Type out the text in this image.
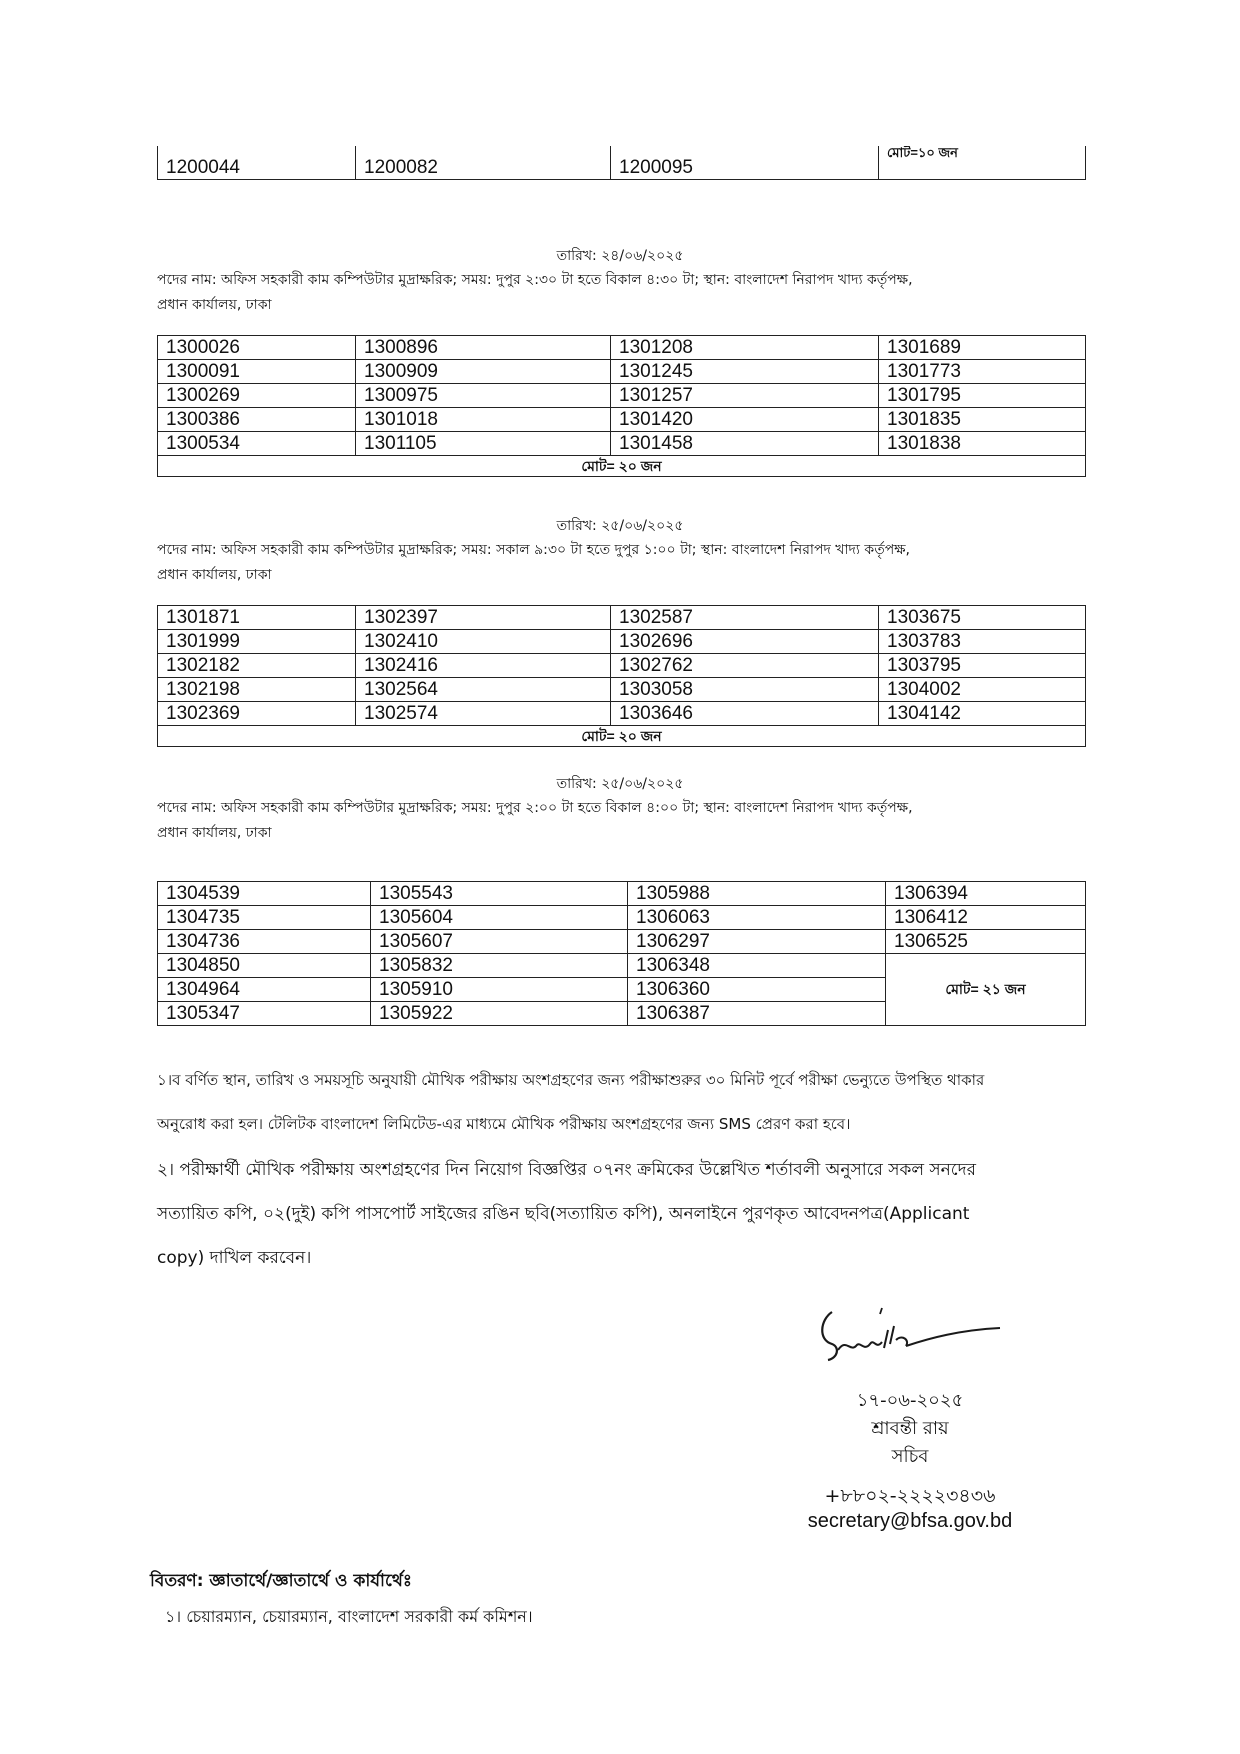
1200044	1200082	1200095	মোট=১০ জন
তারিখ: ২৪/০৬/২০২৫
পদের নাম: অফিস সহকারী কাম কম্পিউটার মুদ্রাক্ষরিক; সময়: দুপুর ২:৩০ টা হতে বিকাল ৪:৩০ টা; স্থান: বাংলাদেশ নিরাপদ খাদ্য কর্তৃপক্ষ,
প্রধান কার্যালয়, ঢাকা
1300026	1300896	1301208	1301689
1300091	1300909	1301245	1301773
1300269	1300975	1301257	1301795
1300386	1301018	1301420	1301835
1300534	1301105	1301458	1301838
মোট= ২০ জন			
তারিখ: ২৫/০৬/২০২৫
পদের নাম: অফিস সহকারী কাম কম্পিউটার মুদ্রাক্ষরিক; সময়: সকাল ৯:৩০ টা হতে দুপুর ১:০০ টা; স্থান: বাংলাদেশ নিরাপদ খাদ্য কর্তৃপক্ষ,
প্রধান কার্যালয়, ঢাকা
1301871	1302397	1302587	1303675
1301999	1302410	1302696	1303783
1302182	1302416	1302762	1303795
1302198	1302564	1303058	1304002
1302369	1302574	1303646	1304142
মোট= ২০ জন			
তারিখ: ২৫/০৬/২০২৫
পদের নাম: অফিস সহকারী কাম কম্পিউটার মুদ্রাক্ষরিক; সময়: দুপুর ২:০০ টা হতে বিকাল ৪:০০ টা; স্থান: বাংলাদেশ নিরাপদ খাদ্য কর্তৃপক্ষ,
প্রধান কার্যালয়, ঢাকা
1304539	1305543	1305988	1306394
1304735	1305604	1306063	1306412
1304736	1305607	1306297	1306525
1304850	1305832	1306348	মোট= ২১ জন
1304964	1305910	1306360	
1305347	1305922	1306387	
১।ব বর্ণিত স্থান, তারিখ ও সময়সূচি অনুযায়ী মৌখিক পরীক্ষায় অংশগ্রহণের জন্য পরীক্ষাশুরুর ৩০ মিনিট পূর্বে পরীক্ষা ভেন্যুতে উপস্থিত থাকার
অনুরোধ করা হল। টেলিটক বাংলাদেশ লিমিটেড-এর মাধ্যমে মৌখিক পরীক্ষায় অংশগ্রহণের জন্য SMS প্রেরণ করা হবে।
২। পরীক্ষার্থী মৌখিক পরীক্ষায় অংশগ্রহণের দিন নিয়োগ বিজ্ঞপ্তির ০৭নং ক্রমিকের উল্লেখিত শর্তাবলী অনুসারে সকল সনদের
সত্যায়িত কপি, ০২(দুই) কপি পাসপোর্ট সাইজের রঙিন ছবি(সত্যায়িত কপি), অনলাইনে পুরণকৃত আবেদনপত্র(Applicant
copy) দাখিল করবেন।
১৭-০৬-২০২৫
শ্রাবন্তী রায়
সচিব
+৮৮০২-২২২২৩৪৩৬
secretary@bfsa.gov.bd
বিতরণ: জ্ঞাতার্থে/জ্ঞাতার্থে ও কার্যার্থেঃ
১। চেয়ারম্যান, চেয়ারম্যান, বাংলাদেশ সরকারী কর্ম কমিশন।
